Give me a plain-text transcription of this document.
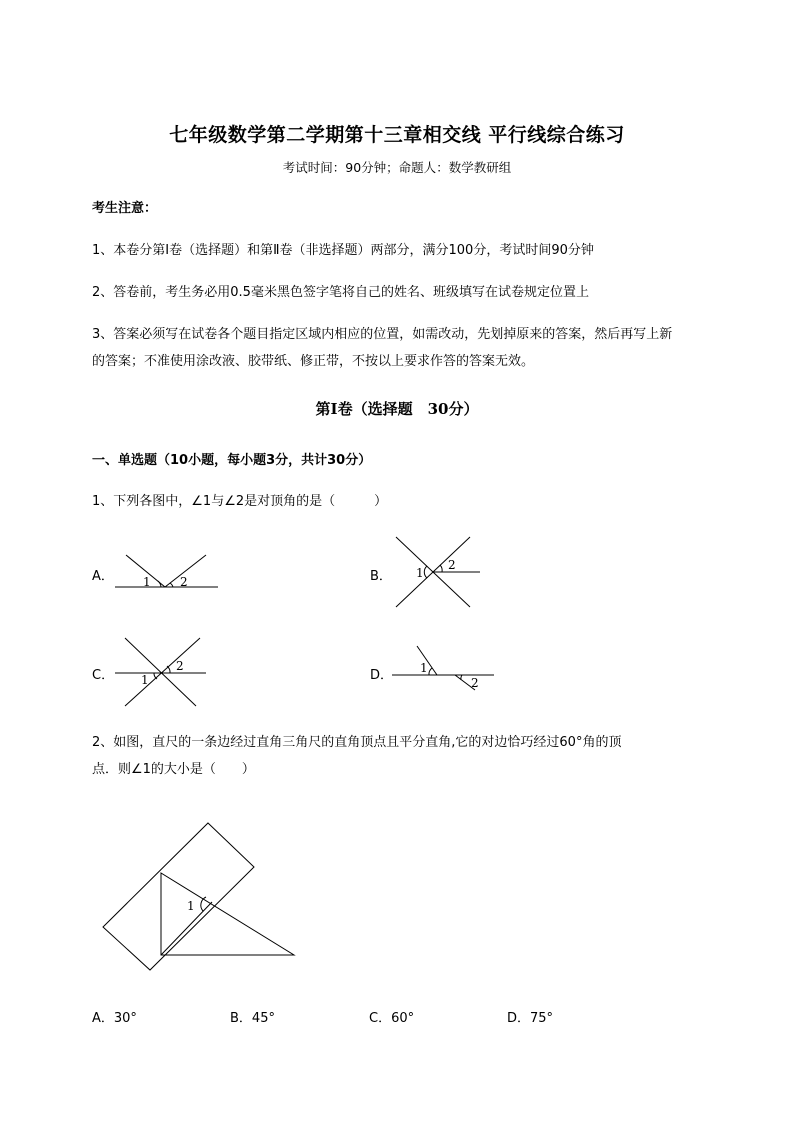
七年级数学第二学期第十三章相交线 平行线综合练习
考试时间：90分钟；命题人：数学教研组
考生注意：
1、本卷分第I卷（选择题）和第Ⅱ卷（非选择题）两部分，满分100分，考试时间90分钟
2、答卷前，考生务必用0.5毫米黑色签字笔将自己的姓名、班级填写在试卷规定位置上
3、答案必须写在试卷各个题目指定区域内相应的位置，如需改动，先划掉原来的答案，然后再写上新
的答案；不准使用涂改液、胶带纸、修正带，不按以上要求作答的答案无效。
第I卷（选择题　30分）
一、单选题（10小题，每小题3分，共计30分）
1、下列各图中，∠1与∠2是对顶角的是（　　　）
A． 1 2	B． 1
2
C． 1
2
D． 1
2
2、如图，直尺的一条边经过直角三角尺的直角顶点且平分直角,它的对边恰巧经过60°角的顶
点．则∠1的大小是（　　）
1
A．30°	B．45°	C．60°	D．75°
